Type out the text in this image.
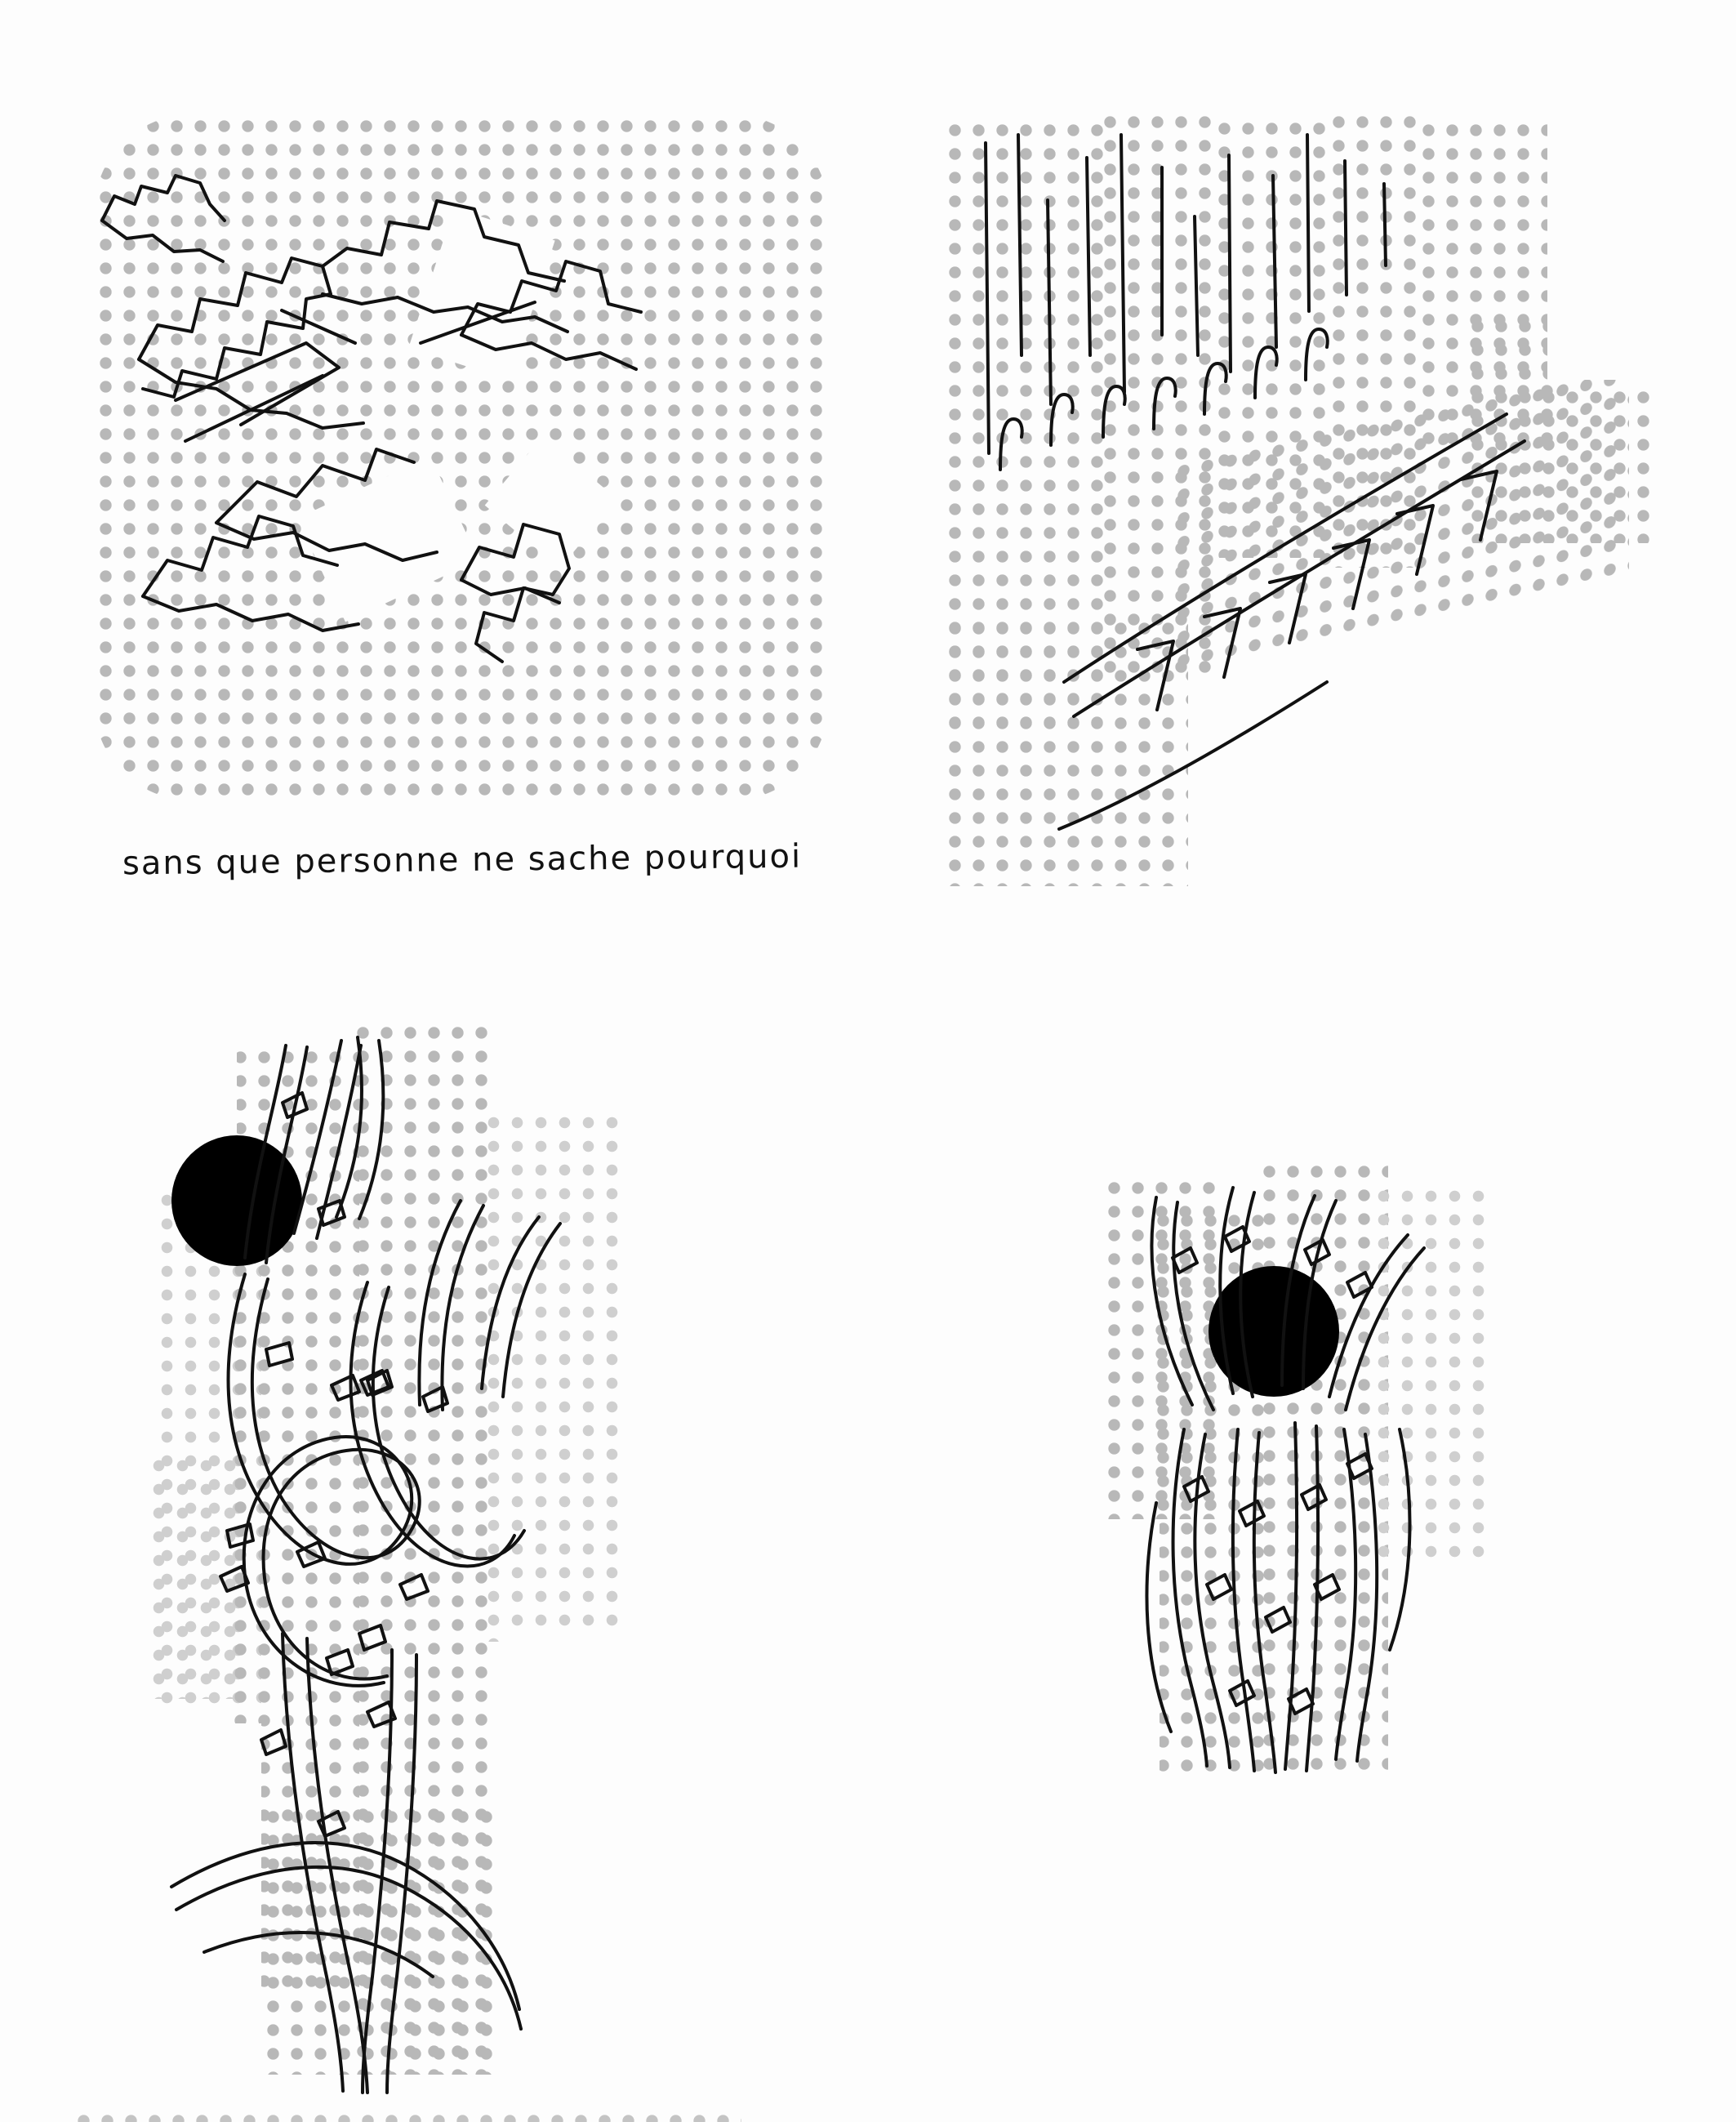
sans que personne ne sache pourquoi
